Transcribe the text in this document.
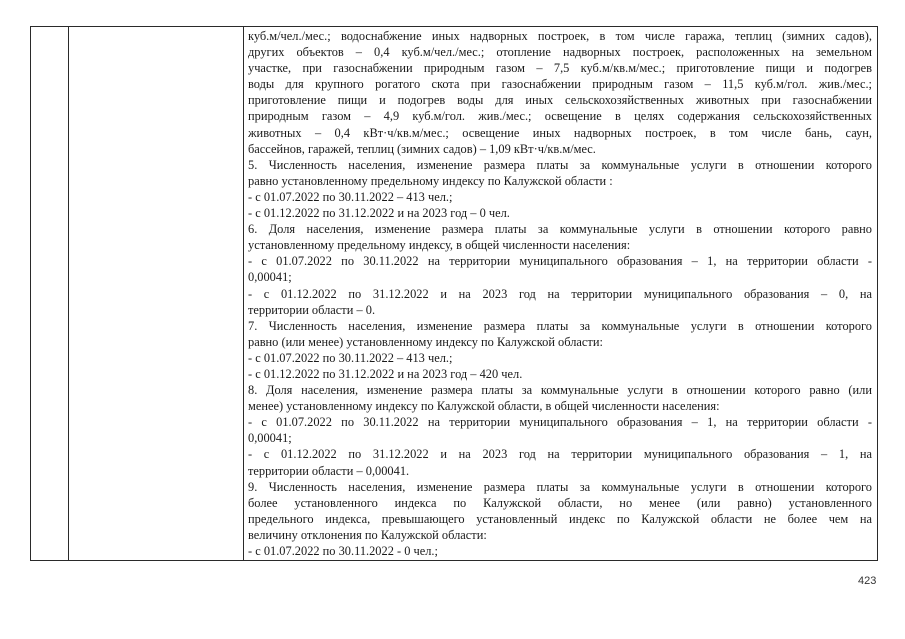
куб.м/чел./мес.; водоснабжение иных надворных построек, в том числе гаража, теплиц (зимних садов),
других объектов – 0,4 куб.м/чел./мес.; отопление надворных построек, расположенных на земельном
участке, при газоснабжении природным газом – 7,5 куб.м/кв.м/мес.; приготовление пищи и подогрев
воды для крупного рогатого скота при газоснабжении природным газом – 11,5 куб.м/гол. жив./мес.;
приготовление пищи и подогрев воды для иных сельскохозяйственных животных при газоснабжении
природным газом – 4,9 куб.м/гол. жив./мес.; освещение в целях содержания сельскохозяйственных
животных – 0,4 кВт·ч/кв.м/мес.; освещение иных надворных построек, в том числе бань, саун,
бассейнов, гаражей, теплиц (зимних садов) – 1,09 кВт·ч/кв.м/мес.
5. Численность населения, изменение размера платы за коммунальные услуги в отношении которого
равно установленному предельному индексу по Калужской области :
- с 01.07.2022 по 30.11.2022 – 413 чел.;
- с 01.12.2022 по 31.12.2022 и на 2023 год – 0 чел.
6. Доля населения, изменение размера платы за коммунальные услуги в отношении которого равно
установленному предельному индексу, в общей численности населения:
- с 01.07.2022 по 30.11.2022 на территории муниципального образования – 1, на территории области -
0,00041;
- с 01.12.2022 по 31.12.2022 и на 2023 год на территории муниципального образования – 0, на
территории области – 0.
7. Численность населения, изменение размера платы за коммунальные услуги в отношении которого
равно (или менее) установленному индексу по Калужской области:
- с 01.07.2022 по 30.11.2022 – 413 чел.;
- с 01.12.2022 по 31.12.2022 и на 2023 год – 420 чел.
8. Доля населения, изменение размера платы за коммунальные услуги в отношении которого равно (или
менее) установленному индексу по Калужской области, в общей численности населения:
- с 01.07.2022 по 30.11.2022 на территории муниципального образования – 1, на территории области -
0,00041;
- с 01.12.2022 по 31.12.2022 и на 2023 год на территории муниципального образования – 1, на
территории области – 0,00041.
9. Численность населения, изменение размера платы за коммунальные услуги в отношении которого
более установленного индекса по Калужской области, но менее (или равно) установленного
предельного индекса, превышающего установленный индекс по Калужской области не более чем на
величину отклонения по Калужской области:
- с 01.07.2022 по 30.11.2022 - 0 чел.;
423
